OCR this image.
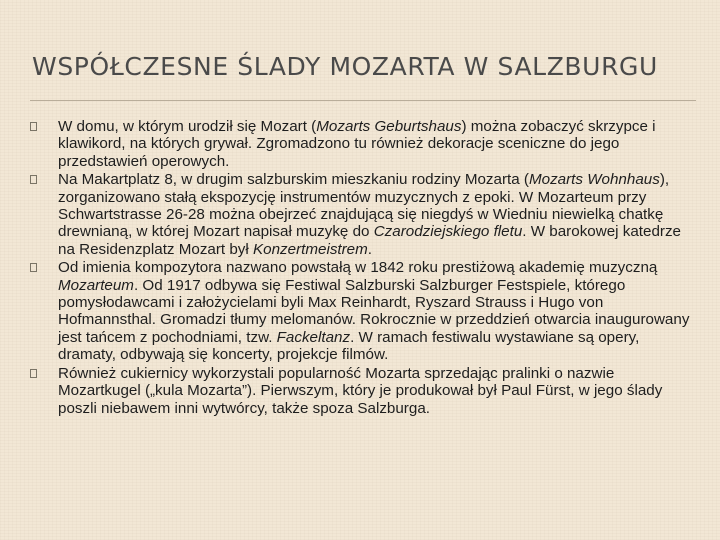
WSPÓŁCZESNE ŚLADY MOZARTA W SALZBURGU
W domu, w którym urodził się Mozart (Mozarts Geburtshaus) można zobaczyć skrzypce i klawikord, na których grywał. Zgromadzono tu również dekoracje sceniczne do jego przedstawień operowych.
Na Makartplatz 8, w drugim salzburskim mieszkaniu rodziny Mozarta (Mozarts Wohnhaus), zorganizowano stałą ekspozycję instrumentów muzycznych z epoki. W Mozarteum przy Schwartstrasse 26-28 można obejrzeć znajdującą się niegdyś w Wiedniu niewielką chatkę drewnianą, w której Mozart napisał muzykę do Czarodziejskiego fletu. W barokowej katedrze na Residenzplatz Mozart był Konzertmeistrem.
Od imienia kompozytora nazwano powstałą w 1842 roku prestiżową akademię muzyczną Mozarteum. Od 1917 odbywa się Festiwal Salzburski Salzburger Festspiele, którego pomysłodawcami i założycielami byli Max Reinhardt, Ryszard Strauss i Hugo von Hofmannsthal. Gromadzi tłumy melomanów. Rokrocznie w przeddzień otwarcia inaugurowany jest tańcem z pochodniami, tzw. Fackeltanz. W ramach festiwalu wystawiane są opery, dramaty, odbywają się koncerty, projekcje filmów.
Również cukiernicy wykorzystali popularność Mozarta sprzedając pralinki o nazwie Mozartkugel („kula Mozarta”). Pierwszym, który je produkował był Paul Fürst, w jego ślady poszli niebawem inni wytwórcy, także spoza Salzburga.
